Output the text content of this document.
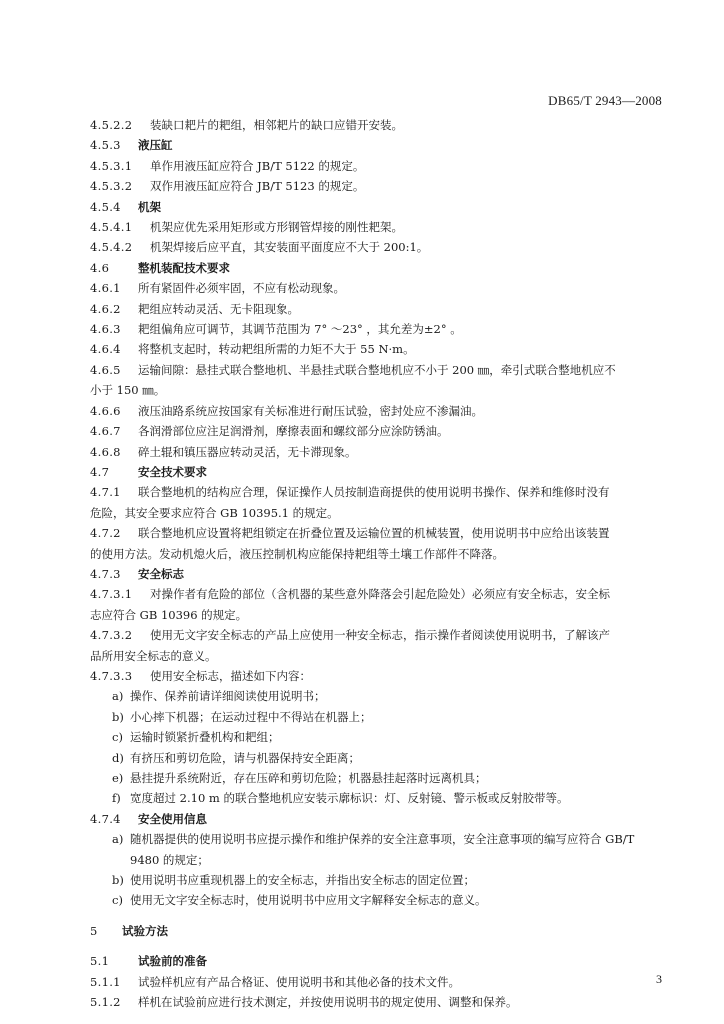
DB65/T 2943—2008
4.5.2.2 装缺口耙片的耙组，相邻耙片的缺口应错开安装。
4.5.3 液压缸
4.5.3.1 单作用液压缸应符合 JB/T 5122 的规定。
4.5.3.2 双作用液压缸应符合 JB/T 5123 的规定。
4.5.4 机架
4.5.4.1 机架应优先采用矩形或方形钢管焊接的刚性耙架。
4.5.4.2 机架焊接后应平直，其安装面平面度应不大于 200:1。
4.6	整机装配技术要求
4.6.1 所有紧固件必须牢固，不应有松动现象。
4.6.2 耙组应转动灵活、无卡阻现象。
4.6.3 耙组偏角应可调节，其调节范围为 7° ～23° ，其允差为±2° 。
4.6.4 将整机支起时，转动耙组所需的力矩不大于 55 N·m。
4.6.5 运输间隙：悬挂式联合整地机、半悬挂式联合整地机应不小于 200 ㎜，牵引式联合整地机应不
小于 150 ㎜。
4.6.6 液压油路系统应按国家有关标准进行耐压试验，密封处应不渗漏油。
4.6.7 各润滑部位应注足润滑剂，摩擦表面和螺纹部分应涂防锈油。
4.6.8 碎土辊和镇压器应转动灵活，无卡滞现象。
4.7	安全技术要求
4.7.1 联合整地机的结构应合理，保证操作人员按制造商提供的使用说明书操作、保养和维修时没有
危险，其安全要求应符合 GB 10395.1 的规定。
4.7.2 联合整地机应设置将耙组锁定在折叠位置及运输位置的机械装置，使用说明书中应给出该装置
的使用方法。发动机熄火后，液压控制机构应能保持耙组等土壤工作部件不降落。
4.7.3 安全标志
4.7.3.1 对操作者有危险的部位（含机器的某些意外降落会引起危险处）必须应有安全标志，安全标
志应符合 GB 10396 的规定。
4.7.3.2 使用无文字安全标志的产品上应使用一种安全标志，指示操作者阅读使用说明书，了解该产
品所用安全标志的意义。
4.7.3.3 使用安全标志，描述如下内容：
a) 操作、保养前请详细阅读使用说明书；
b) 小心摔下机器；在运动过程中不得站在机器上；
c) 运输时锁紧折叠机构和耙组；
d) 有挤压和剪切危险，请与机器保持安全距离；
e) 悬挂提升系统附近，存在压碎和剪切危险；机器悬挂起落时远离机具；
f) 宽度超过 2.10 m 的联合整地机应安装示廓标识：灯、反射镜、警示板或反射胶带等。
4.7.4 安全使用信息
a) 随机器提供的使用说明书应提示操作和维护保养的安全注意事项，安全注意事项的编写应符合 GB/T 9480 的规定；
b) 使用说明书应重现机器上的安全标志，并指出安全标志的固定位置；
c) 使用无文字安全标志时，使用说明书中应用文字解释安全标志的意义。
5 试验方法
5.1	试验前的准备
5.1.1 试验样机应有产品合格证、使用说明书和其他必备的技术文件。
5.1.2 样机在试验前应进行技术测定，并按使用说明书的规定使用、调整和保养。
3
